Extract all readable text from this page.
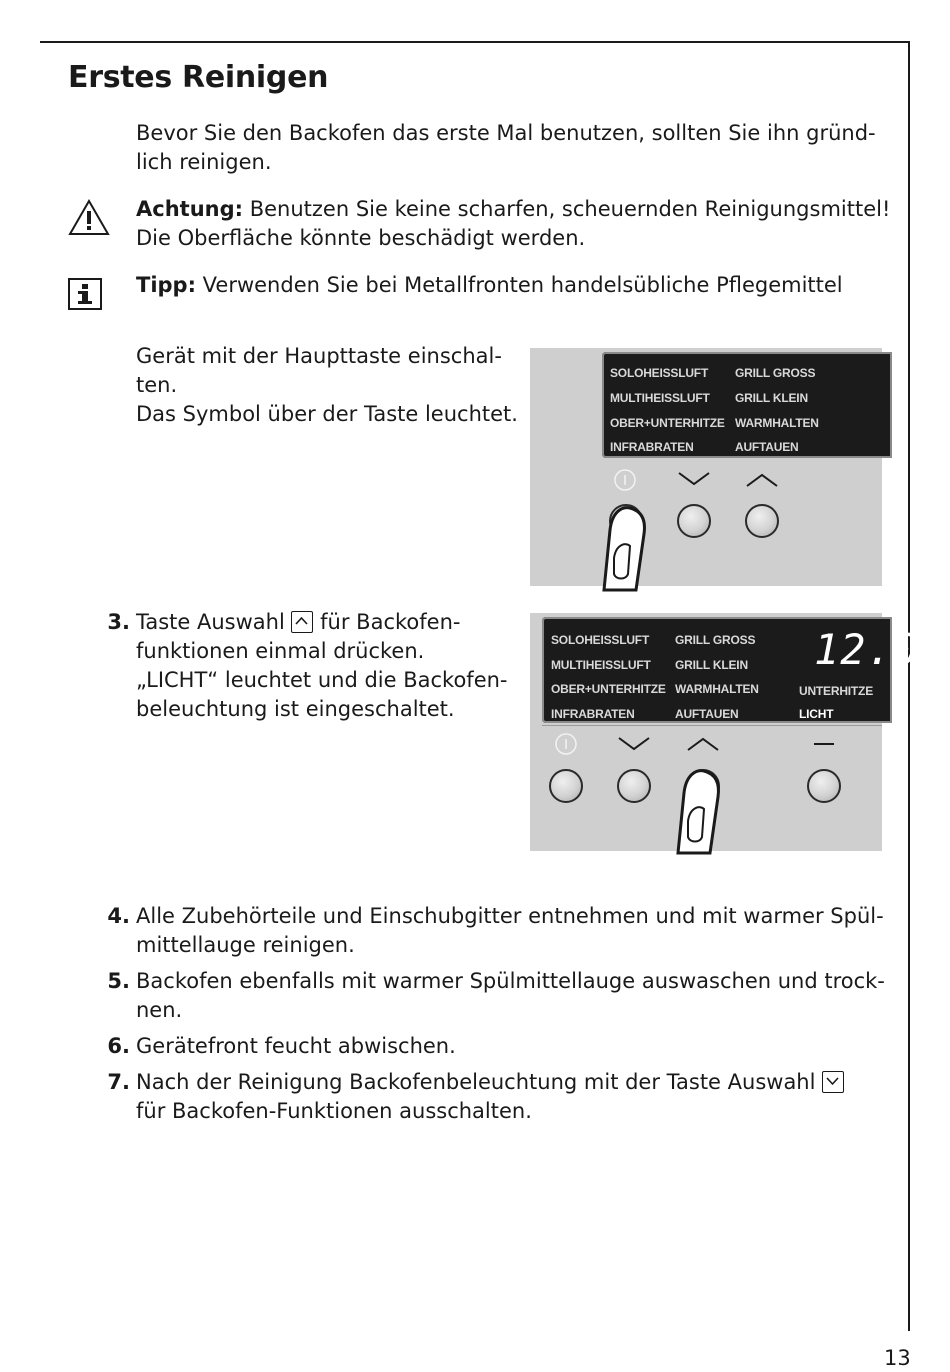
Erstes Reinigen

Bevor Sie den Backofen das erste Mal benutzen, sollten Sie ihn gründ-

lich reinigen.

Achtung: Benutzen Sie keine scharfen, scheuernden Reinigungsmittel!

Die Oberfläche könnte beschädigt werden.

Tipp: Verwenden Sie bei Metallfronten handelsübliche Pflegemittel

Gerät mit der Haupttaste einschal-

ten.

Das Symbol über der Taste leuchtet.

SOLOHEISSLUFT
MULTIHEISSLUFT
OBER+UNTERHITZE
INFRABRATEN
GRILL GROSS
GRILL KLEIN
WARMHALTEN
AUFTAUEN
3. Taste Auswahl
für Backofen-

funktionen einmal drücken.

„LICHT“ leuchtet und die Backofen-

beleuchtung ist eingeschaltet.

SOLOHEISSLUFT
MULTIHEISSLUFT
OBER+UNTERHITZE
INFRABRATEN
GRILL GROSS
GRILL KLEIN
WARMHALTEN
AUFTAUEN
UNTERHITZE
LICHT
12.0
4. Alle Zubehörteile und Einschubgitter entnehmen und mit warmer Spül-

mittellauge reinigen.

5. Backofen ebenfalls mit warmer Spülmittellauge auswaschen und trock-

nen.

6. Gerätefront feucht abwischen.

7. Nach der Reinigung Backofenbeleuchtung mit der Taste Auswahl

für Backofen-Funktionen ausschalten.

13
